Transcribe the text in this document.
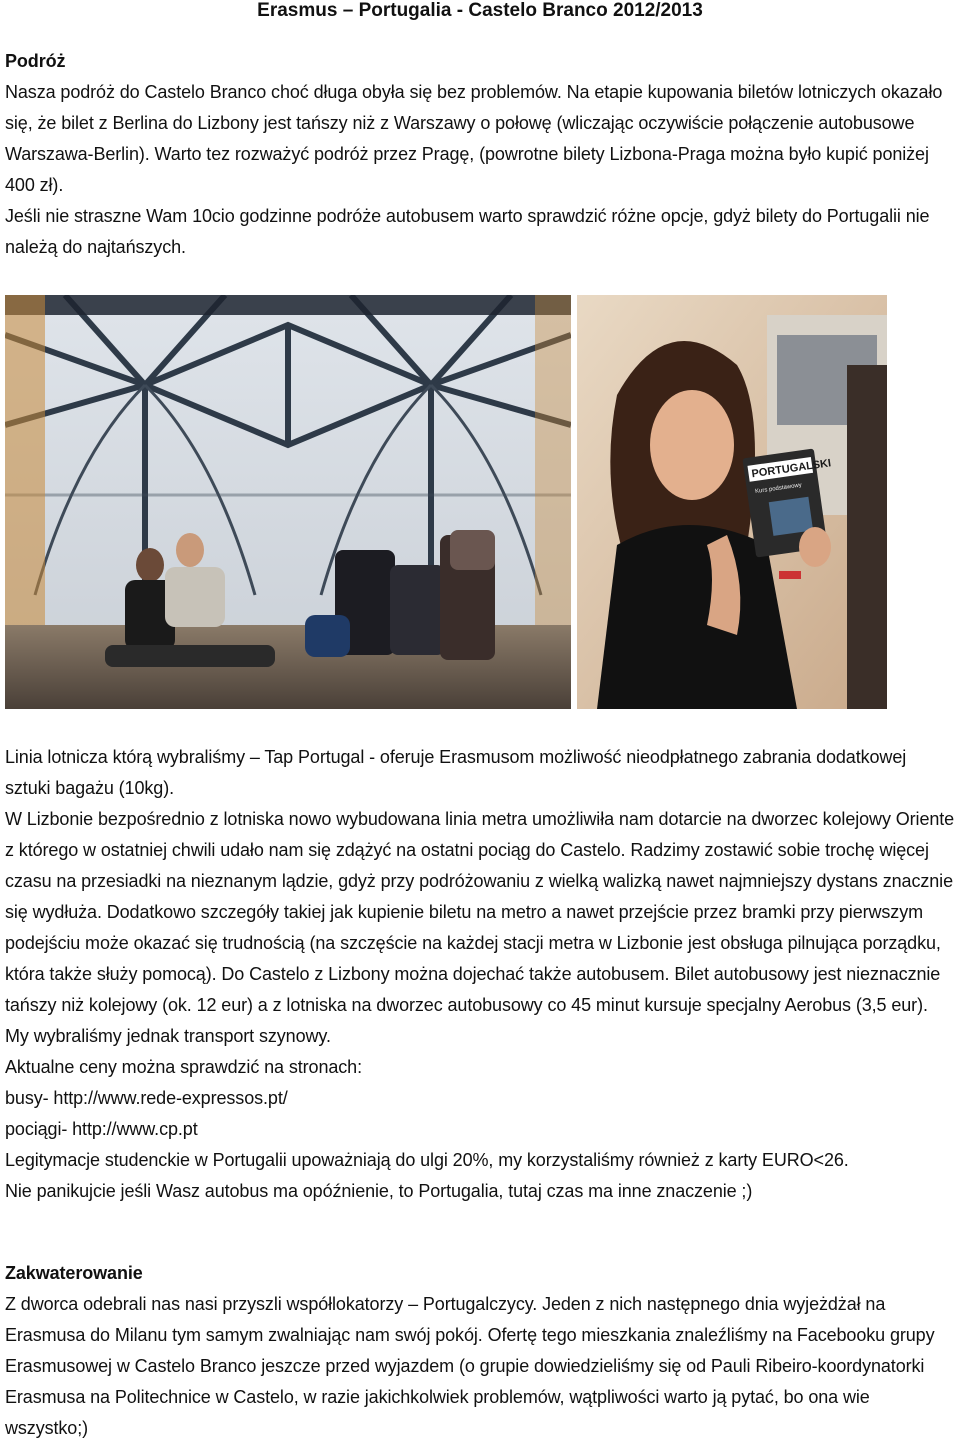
Erasmus – Portugalia - Castelo Branco 2012/2013

Podróż

Nasza podróż do Castelo Branco choć długa obyła się bez problemów. Na etapie kupowania biletów lotniczych okazało się, że bilet z Berlina do Lizbony jest tańszy niż z Warszawy o połowę (wliczając oczywiście połączenie autobusowe Warszawa-Berlin). Warto tez rozważyć podróż przez Pragę, (powrotne bilety Lizbona-Praga można było kupić poniżej 400 zł).

Jeśli nie straszne Wam 10cio godzinne podróże autobusem warto sprawdzić różne opcje, gdyż bilety do Portugalii nie należą do najtańszych.

PORTUGALSKI
Kurs podstawowy

Linia lotnicza którą wybraliśmy – Tap Portugal - oferuje Erasmusom możliwość nieodpłatnego zabrania dodatkowej sztuki bagażu (10kg).

W Lizbonie bezpośrednio z lotniska nowo wybudowana linia metra umożliwiła nam dotarcie na dworzec kolejowy Oriente z którego w ostatniej chwili udało nam się zdążyć na ostatni pociąg do Castelo. Radzimy zostawić sobie trochę więcej czasu na przesiadki na nieznanym lądzie, gdyż przy podróżowaniu z wielką walizką nawet najmniejszy dystans znacznie się wydłuża. Dodatkowo szczegóły takiej jak kupienie biletu na metro a nawet przejście przez bramki przy pierwszym podejściu może okazać się trudnością (na szczęście na każdej stacji metra w Lizbonie jest obsługa pilnująca porządku, która także służy pomocą). Do Castelo z Lizbony można dojechać także autobusem. Bilet autobusowy jest nieznacznie tańszy niż kolejowy (ok. 12 eur) a z lotniska na dworzec autobusowy co 45 minut kursuje specjalny Aerobus (3,5 eur).

My wybraliśmy jednak transport szynowy.

Aktualne ceny można sprawdzić na stronach:

busy- http://www.rede-expressos.pt/

pociągi- http://www.cp.pt

Legitymacje studenckie w Portugalii upoważniają do ulgi 20%, my korzystaliśmy również z karty EURO<26.

Nie panikujcie jeśli Wasz autobus ma opóźnienie, to Portugalia, tutaj czas ma inne znaczenie ;)

Zakwaterowanie

Z dworca odebrali nas nasi przyszli współlokatorzy – Portugalczycy. Jeden z nich następnego dnia wyjeżdżał na Erasmusa do Milanu tym samym zwalniając nam swój pokój. Ofertę tego mieszkania znaleźliśmy na Facebooku grupy Erasmusowej w Castelo Branco jeszcze przed wyjazdem (o grupie dowiedzieliśmy się od Pauli Ribeiro-koordynatorki Erasmusa na Politechnice w Castelo, w razie jakichkolwiek problemów, wątpliwości warto ją pytać, bo ona wie wszystko;)
